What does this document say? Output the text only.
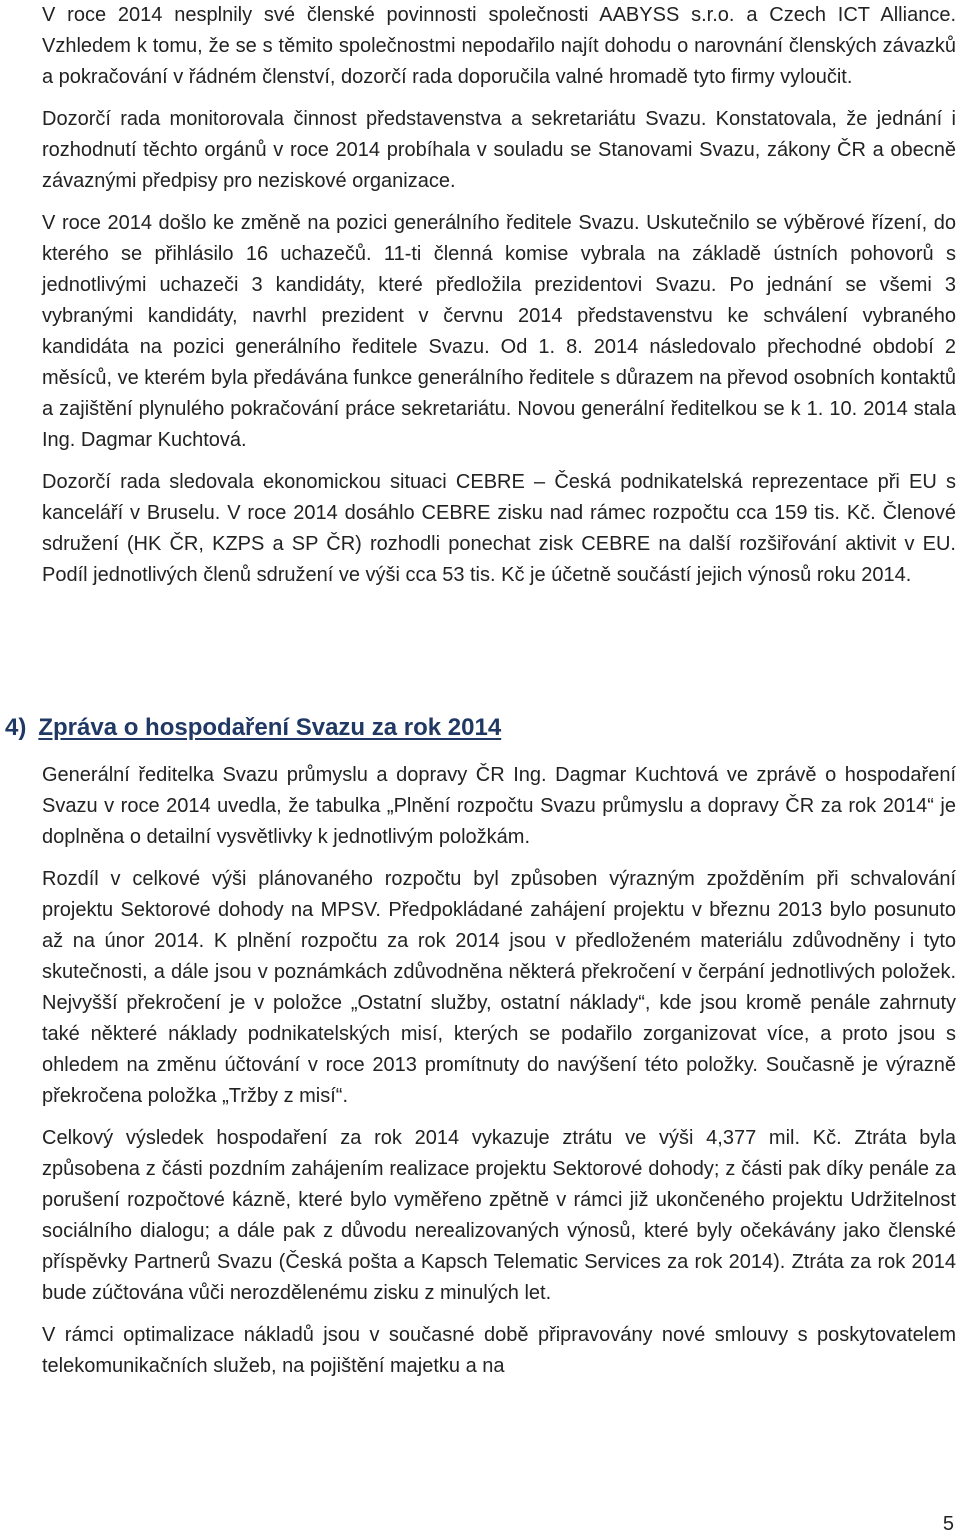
V roce 2014 nesplnily své členské povinnosti společnosti AABYSS s.r.o. a Czech ICT Alliance. Vzhledem k tomu, že se s těmito společnostmi nepodařilo najít dohodu o narovnání členských závazků a pokračování v řádném členství, dozorčí rada doporučila valné hromadě tyto firmy vyloučit.

Dozorčí rada monitorovala činnost představenstva a sekretariátu Svazu. Konstatovala, že jednání i rozhodnutí těchto orgánů v roce 2014 probíhala v souladu se Stanovami Svazu, zákony ČR a obecně závaznými předpisy pro neziskové organizace.

V roce 2014 došlo ke změně na pozici generálního ředitele Svazu. Uskutečnilo se výběrové řízení, do kterého se přihlásilo 16 uchazečů. 11-ti členná komise vybrala na základě ústních pohovorů s jednotlivými uchazeči 3 kandidáty, které předložila prezidentovi Svazu. Po jednání se všemi 3 vybranými kandidáty, navrhl prezident v červnu 2014 představenstvu ke schválení vybraného kandidáta na pozici generálního ředitele Svazu. Od 1. 8. 2014 následovalo přechodné období 2 měsíců, ve kterém byla předávána funkce generálního ředitele s důrazem na převod osobních kontaktů a zajištění plynulého pokračování práce sekretariátu. Novou generální ředitelkou se k 1. 10. 2014 stala Ing. Dagmar Kuchtová.

Dozorčí rada sledovala ekonomickou situaci CEBRE – Česká podnikatelská reprezentace při EU s kanceláří v Bruselu. V roce 2014 dosáhlo CEBRE zisku nad rámec rozpočtu cca 159 tis. Kč. Členové sdružení (HK ČR, KZPS a SP ČR) rozhodli ponechat zisk CEBRE na další rozšiřování aktivit v EU. Podíl jednotlivých členů sdružení ve výši cca 53 tis. Kč je účetně součástí jejich výnosů roku 2014.

4) Zpráva o hospodaření Svazu za rok 2014

Generální ředitelka Svazu průmyslu a dopravy ČR Ing. Dagmar Kuchtová ve zprávě o hospodaření Svazu v roce 2014 uvedla, že tabulka „Plnění rozpočtu Svazu průmyslu a dopravy ČR za rok 2014“ je doplněna o detailní vysvětlivky k jednotlivým položkám.

Rozdíl v celkové výši plánovaného rozpočtu byl způsoben výrazným zpožděním při schvalování projektu Sektorové dohody na MPSV. Předpokládané zahájení projektu v březnu 2013 bylo posunuto až na únor 2014. K plnění rozpočtu za rok 2014 jsou v předloženém materiálu zdůvodněny i tyto skutečnosti, a dále jsou v poznámkách zdůvodněna některá překročení v čerpání jednotlivých položek. Nejvyšší překročení je v položce „Ostatní služby, ostatní náklady“, kde jsou kromě penále zahrnuty také některé náklady podnikatelských misí, kterých se podařilo zorganizovat více, a proto jsou s ohledem na změnu účtování v roce 2013 promítnuty do navýšení této položky. Současně je výrazně překročena položka „Tržby z misí“.

Celkový výsledek hospodaření za rok 2014 vykazuje ztrátu ve výši 4,377 mil. Kč. Ztráta byla způsobena z části pozdním zahájením realizace projektu Sektorové dohody; z části pak díky penále za porušení rozpočtové kázně, které bylo vyměřeno zpětně v rámci již ukončeného projektu Udržitelnost sociálního dialogu; a dále pak z důvodu nerealizovaných výnosů, které byly očekávány jako členské příspěvky Partnerů Svazu (Česká pošta a Kapsch Telematic Services za rok 2014). Ztráta za rok 2014 bude zúčtována vůči nerozdělenému zisku z minulých let.

V rámci optimalizace nákladů jsou v současné době připravovány nové smlouvy s poskytovatelem telekomunikačních služeb, na pojištění majetku a na

5
